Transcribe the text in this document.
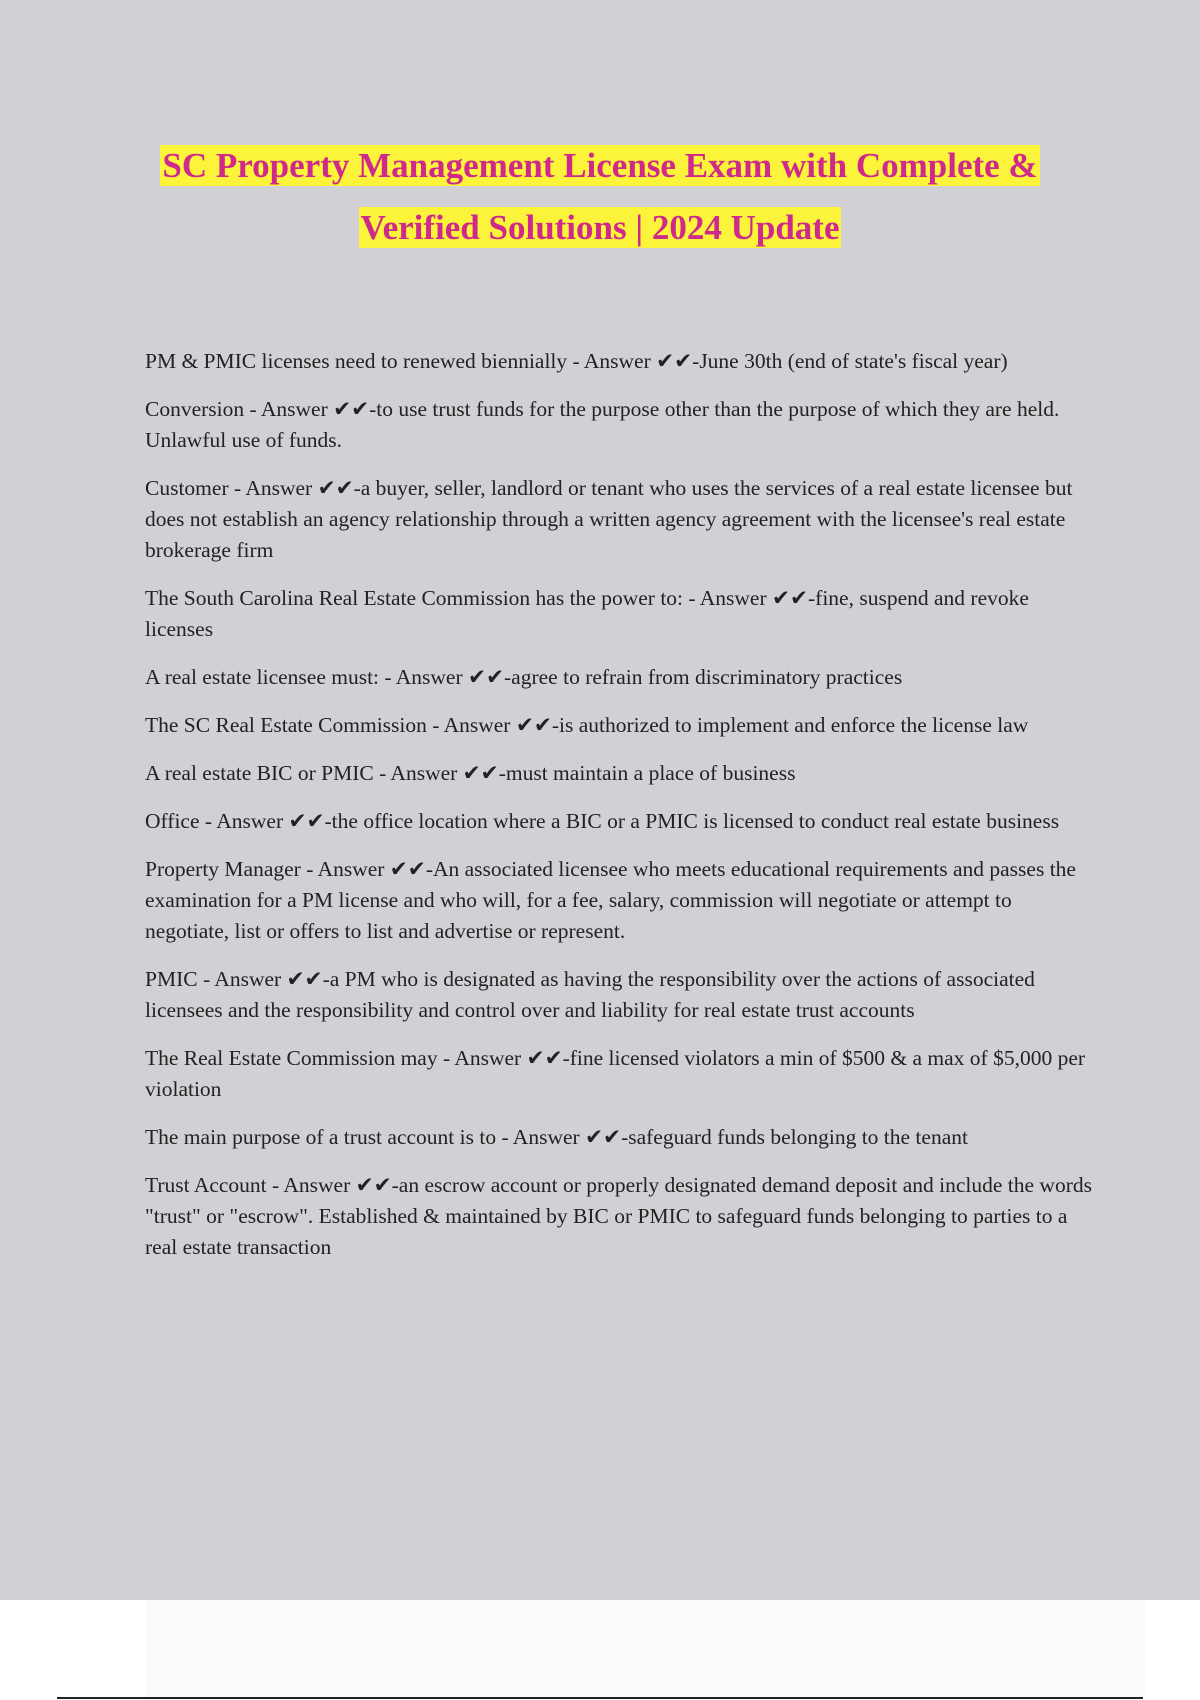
SC Property Management License Exam with Complete &
Verified Solutions | 2024 Update

PM & PMIC licenses need to renewed biennially - Answer ✔✔-June 30th (end of state's fiscal year)

Conversion - Answer ✔✔-to use trust funds for the purpose other than the purpose of which they are held. Unlawful use of funds.

Customer - Answer ✔✔-a buyer, seller, landlord or tenant who uses the services of a real estate licensee but does not establish an agency relationship through a written agency agreement with the licensee's real estate brokerage firm

The South Carolina Real Estate Commission has the power to: - Answer ✔✔-fine, suspend and revoke licenses

A real estate licensee must: - Answer ✔✔-agree to refrain from discriminatory practices

The SC Real Estate Commission - Answer ✔✔-is authorized to implement and enforce the license law

A real estate BIC or PMIC - Answer ✔✔-must maintain a place of business

Office - Answer ✔✔-the office location where a BIC or a PMIC is licensed to conduct real estate business

Property Manager - Answer ✔✔-An associated licensee who meets educational requirements and passes the examination for a PM license and who will, for a fee, salary, commission will negotiate or attempt to negotiate, list or offers to list and advertise or represent.

PMIC - Answer ✔✔-a PM who is designated as having the responsibility over the actions of associated licensees and the responsibility and control over and liability for real estate trust accounts

The Real Estate Commission may - Answer ✔✔-fine licensed violators a min of $500 & a max of $5,000 per violation

The main purpose of a trust account is to - Answer ✔✔-safeguard funds belonging to the tenant

Trust Account - Answer ✔✔-an escrow account or properly designated demand deposit and include the words "trust" or "escrow". Established & maintained by BIC or PMIC to safeguard funds belonging to parties to a real estate transaction
